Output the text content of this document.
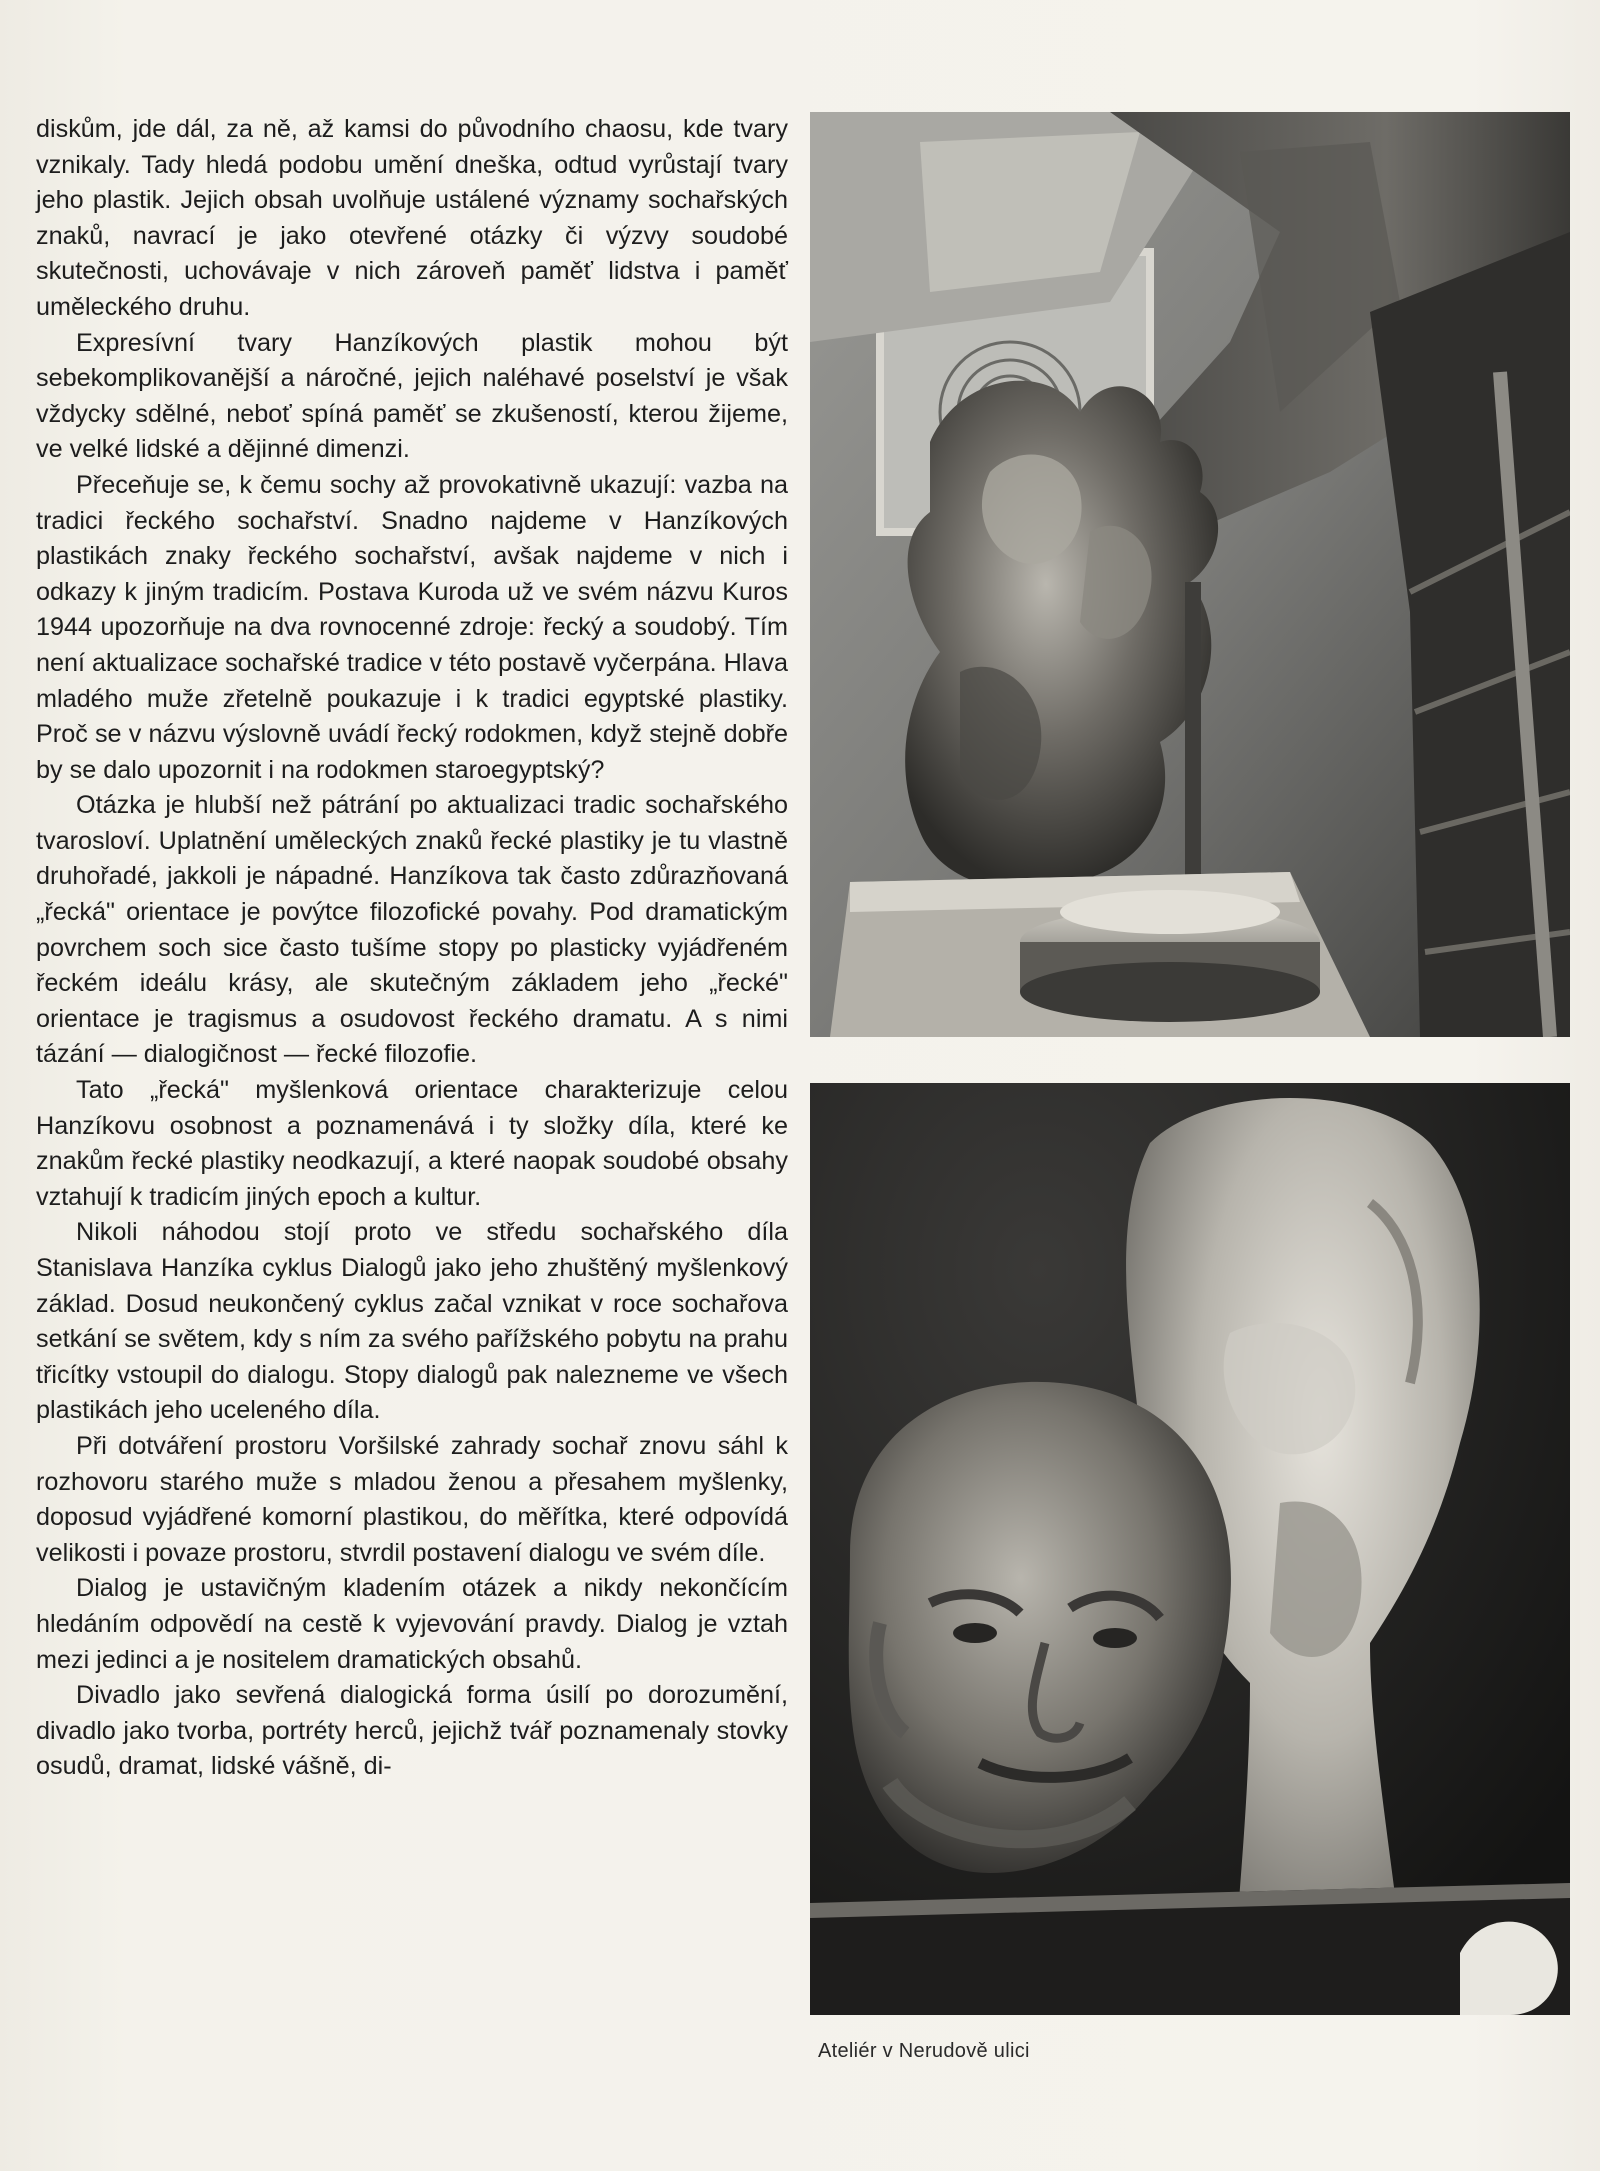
diskům, jde dál, za ně, až kamsi do původního chaosu, kde tvary vznikaly. Tady hledá podobu umění dneška, odtud vyrůstají tvary jeho plastik. Jejich obsah uvolňuje ustálené významy sochařských znaků, navrací je jako otevřené otázky či výzvy soudobé skutečnosti, uchovávaje v nich zároveň paměť lidstva i paměť uměleckého druhu.

Expresívní tvary Hanzíkových plastik mohou být sebekomplikovanější a náročné, jejich naléhavé poselství je však vždycky sdělné, neboť spíná paměť se zkušeností, kterou žijeme, ve velké lidské a dějinné dimenzi.

Přeceňuje se, k čemu sochy až provokativně ukazují: vazba na tradici řeckého sochařství. Snadno najdeme v Hanzíkových plastikách znaky řeckého sochařství, avšak najdeme v nich i odkazy k jiným tradicím. Postava Kuroda už ve svém názvu Kuros 1944 upozorňuje na dva rovnocenné zdroje: řecký a soudobý. Tím není aktualizace sochařské tradice v této postavě vyčerpána. Hlava mladého muže zřetelně poukazuje i k tradici egyptské plastiky. Proč se v názvu výslovně uvádí řecký rodokmen, když stejně dobře by se dalo upozornit i na rodokmen staroegyptský?

Otázka je hlubší než pátrání po aktualizaci tradic sochařského tvarosloví. Uplatnění uměleckých znaků řecké plastiky je tu vlastně druhořadé, jakkoli je nápadné. Hanzíkova tak často zdůrazňovaná „řecká" orientace je povýtce filozofické povahy. Pod dramatickým povrchem soch sice často tušíme stopy po plasticky vyjádřeném řeckém ideálu krásy, ale skutečným základem jeho „řecké" orientace je tragismus a osudovost řeckého dramatu. A s nimi tázání — dialogičnost — řecké filozofie.

Tato „řecká" myšlenková orientace charakterizuje celou Hanzíkovu osobnost a poznamenává i ty složky díla, které ke znakům řecké plastiky neodkazují, a které naopak soudobé obsahy vztahují k tradicím jiných epoch a kultur.

Nikoli náhodou stojí proto ve středu sochařského díla Stanislava Hanzíka cyklus Dialogů jako jeho zhuštěný myšlenkový základ. Dosud neukončený cyklus začal vznikat v roce sochařova setkání se světem, kdy s ním za svého pařížského pobytu na prahu třicítky vstoupil do dialogu. Stopy dialogů pak nalezneme ve všech plastikách jeho uceleného díla.

Při dotváření prostoru Voršilské zahrady sochař znovu sáhl k rozhovoru starého muže s mladou ženou a přesahem myšlenky, doposud vyjádřené komorní plastikou, do měřítka, které odpovídá velikosti i povaze prostoru, stvrdil postavení dialogu ve svém díle.

Dialog je ustavičným kladením otázek a nikdy nekončícím hledáním odpovědí na cestě k vyjevování pravdy. Dialog je vztah mezi jedinci a je nositelem dramatických obsahů.

Divadlo jako sevřená dialogická forma úsilí po dorozumění, divadlo jako tvorba, portréty herců, jejichž tvář poznamenaly stovky osudů, dramat, lidské vášně, di-

Ateliér v Nerudově ulici
